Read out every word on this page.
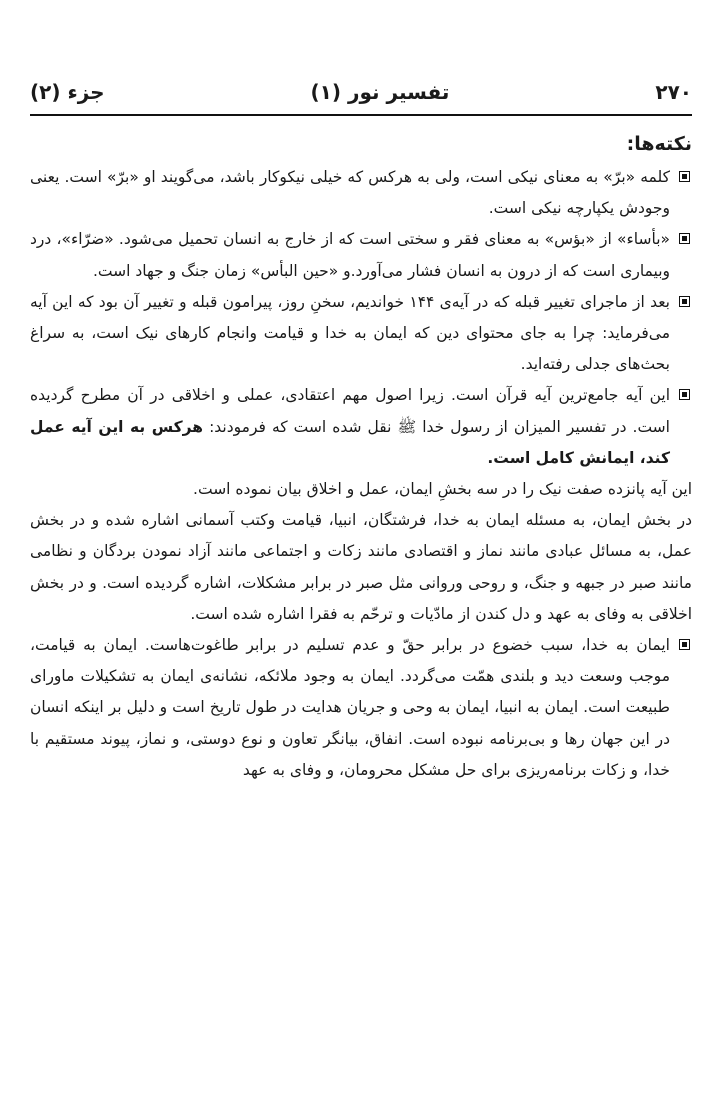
۲۷۰
تفسیر نور (۱)
جزء (۲)
نکته‌ها:

کلمه «برّ» به معنای نیکی است، ولی به هرکس که خیلی نیکوکار باشد، می‌گویند او «برّ» است. یعنی وجودش یکپارچه نیکی است.

«بأساء» از «بؤس» به معنای فقر و سختی است که از خارج به انسان تحمیل می‌شود. «ضرّاء»، درد وبیماری است که از درون به انسان فشار می‌آورد.و «حین البأس» زمان جنگ و جهاد است.

بعد از ماجرای تغییر قبله که در آیه‌ی ۱۴۴ خواندیم، سخنِ روز، پیرامون قبله و تغییر آن بود که این آیه می‌فرماید: چرا به جای محتوای دین که ایمان به خدا و قیامت وانجام کارهای نیک است، به سراغ بحث‌های جدلی رفته‌اید.

این آیه جامع‌ترین آیه قرآن است. زیرا اصول مهم اعتقادی، عملی و اخلاقی در آن مطرح گردیده است. در تفسیر المیزان از رسول خدا ﷺ نقل شده است که فرمودند: هرکس به این آیه عمل کند، ایمانش کامل است.

این آیه پانزده صفت نیک را در سه بخشِ ایمان، عمل و اخلاق بیان نموده است.

در بخش ایمان، به مسئله ایمان به خدا، فرشتگان، انبیا، قیامت وکتب آسمانی اشاره شده و در بخش عمل، به مسائل عبادی مانند نماز و اقتصادی مانند زکات و اجتماعی مانند آزاد نمودن بردگان و نظامی مانند صبر در جبهه و جنگ، و روحی وروانی مثل صبر در برابر مشکلات، اشاره گردیده است. و در بخش اخلاقی به وفای به عهد و دل کندن از مادّیات و ترحّم به فقرا اشاره شده است.

ایمان به خدا، سبب خضوع در برابر حقّ و عدم تسلیم در برابر طاغوت‌هاست. ایمان به قیامت، موجب وسعت دید و بلندی همّت می‌گردد. ایمان به وجود ملائکه، نشانه‌ی ایمان به تشکیلات ماورای طبیعت است. ایمان به انبیا، ایمان به وحی و جریان هدایت در طول تاریخ است و دلیل بر اینکه انسان در این جهان رها و بی‌برنامه نبوده است. انفاق، بیانگر تعاون و نوع دوستی، و نماز، پیوند مستقیم با خدا، و زکات برنامه‌ریزی برای حل مشکل محرومان، و وفای به عهد
